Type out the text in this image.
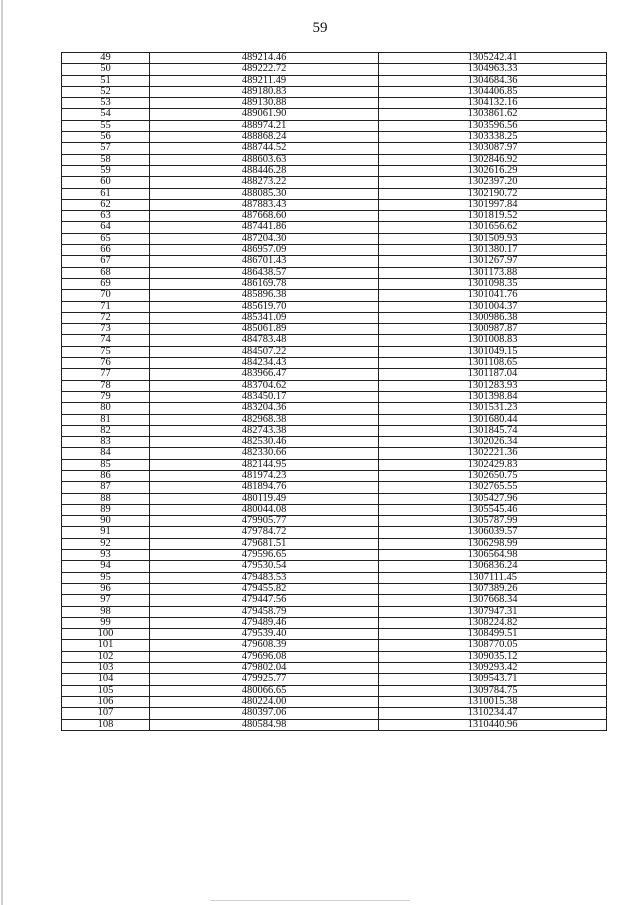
59
49	489214.46	1305242.41
50	489222.72	1304963.33
51	489211.49	1304684.36
52	489180.83	1304406.85
53	489130.88	1304132.16
54	489061.90	1303861.62
55	488974.21	1303596.56
56	488868.24	1303338.25
57	488744.52	1303087.97
58	488603.63	1302846.92
59	488446.28	1302616.29
60	488273.22	1302397.20
61	488085.30	1302190.72
62	487883.43	1301997.84
63	487668.60	1301819.52
64	487441.86	1301656.62
65	487204.30	1301509.93
66	486957.09	1301380.17
67	486701.43	1301267.97
68	486438.57	1301173.88
69	486169.78	1301098.35
70	485896.38	1301041.76
71	485619.70	1301004.37
72	485341.09	1300986.38
73	485061.89	1300987.87
74	484783.48	1301008.83
75	484507.22	1301049.15
76	484234.43	1301108.65
77	483966.47	1301187.04
78	483704.62	1301283.93
79	483450.17	1301398.84
80	483204.36	1301531.23
81	482968.38	1301680.44
82	482743.38	1301845.74
83	482530.46	1302026.34
84	482330.66	1302221.36
85	482144.95	1302429.83
86	481974.23	1302650.75
87	481894.76	1302765.55
88	480119.49	1305427.96
89	480044.08	1305545.46
90	479905.77	1305787.99
91	479784.72	1306039.57
92	479681.51	1306298.99
93	479596.65	1306564.98
94	479530.54	1306836.24
95	479483.53	1307111.45
96	479455.82	1307389.26
97	479447.56	1307668.34
98	479458.79	1307947.31
99	479489.46	1308224.82
100	479539.40	1308499.51
101	479608.39	1308770.05
102	479696.08	1309035.12
103	479802.04	1309293.42
104	479925.77	1309543.71
105	480066.65	1309784.75
106	480224.00	1310015.38
107	480397.06	1310234.47
108	480584.98	1310440.96
